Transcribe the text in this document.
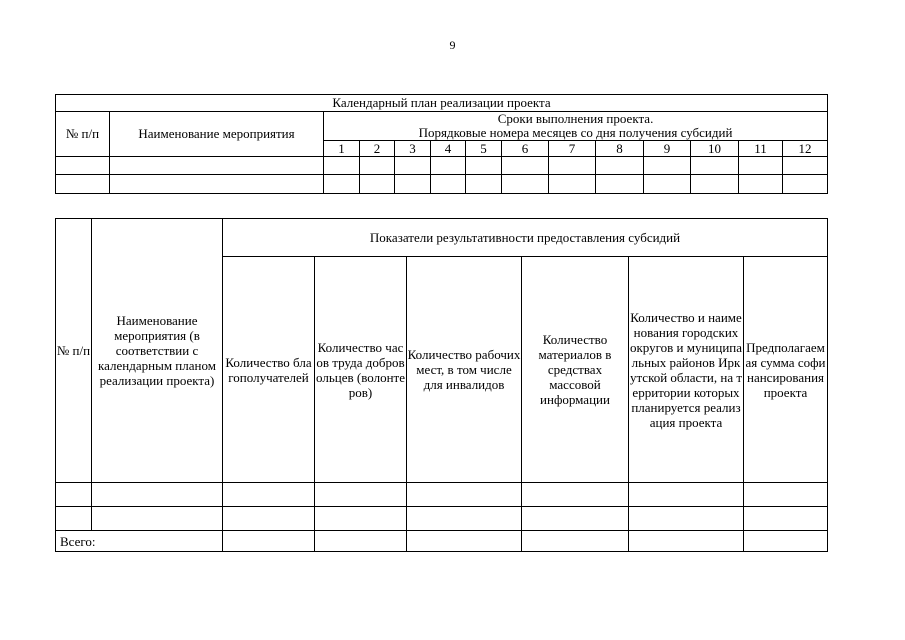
9
Календарный план реализации проекта													
№ п/п	Наименование мероприятия	Сроки выполнения проекта.
Порядковые номера месяцев со дня получения субсидий											

		1	2	3	4	5	6	7	8	9	10	11	12

№ п/п	Наименование мероприятия (в соответствии с календарным планом реализации проекта)	Показатели результативности предоставления субсидий					
		Количество благополучателей	Количество часов труда добровольцев (волонтеров)	Количество рабочих мест, в том числе для инвалидов	Количество материалов в средствах массовой информации	Количество и наименования городских округов и муниципальных районов Иркутской области, на территории которых планируется реализация проекта	Предполагаемая сумма софинансирования проекта

Всего:							
